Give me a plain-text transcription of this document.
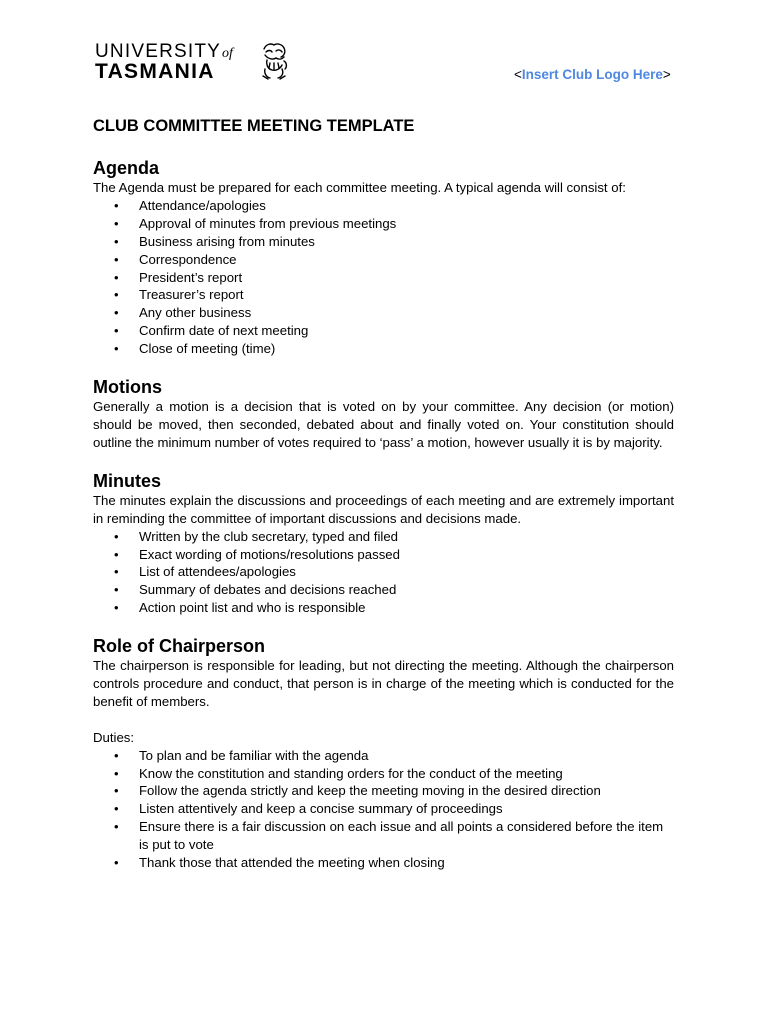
UNIVERSITYof
TASMANIA	<Insert Club Logo Here>
CLUB COMMITTEE MEETING TEMPLATE
Agenda

The Agenda must be prepared for each committee meeting. A typical agenda will consist of:

• Attendance/apologies
• Approval of minutes from previous meetings
• Business arising from minutes
• Correspondence
• President’s report
• Treasurer’s report
• Any other business
• Confirm date of next meeting
• Close of meeting (time)
Motions

Generally a motion is a decision that is voted on by your committee. Any decision (or motion) should be moved, then seconded, debated about and finally voted on. Your constitution should outline the minimum number of votes required to ‘pass’ a motion, however usually it is by majority.

Minutes

The minutes explain the discussions and proceedings of each meeting and are extremely important in reminding the committee of important discussions and decisions made.

• Written by the club secretary, typed and filed
• Exact wording of motions/resolutions passed
• List of attendees/apologies
• Summary of debates and decisions reached
• Action point list and who is responsible
Role of Chairperson

The chairperson is responsible for leading, but not directing the meeting. Although the chairperson controls procedure and conduct, that person is in charge of the meeting which is conducted for the benefit of members.

Duties:

• To plan and be familiar with the agenda
• Know the constitution and standing orders for the conduct of the meeting
• Follow the agenda strictly and keep the meeting moving in the desired direction
• Listen attentively and keep a concise summary of proceedings
• Ensure there is a fair discussion on each issue and all points a considered before the item is put to vote
• Thank those that attended the meeting when closing
